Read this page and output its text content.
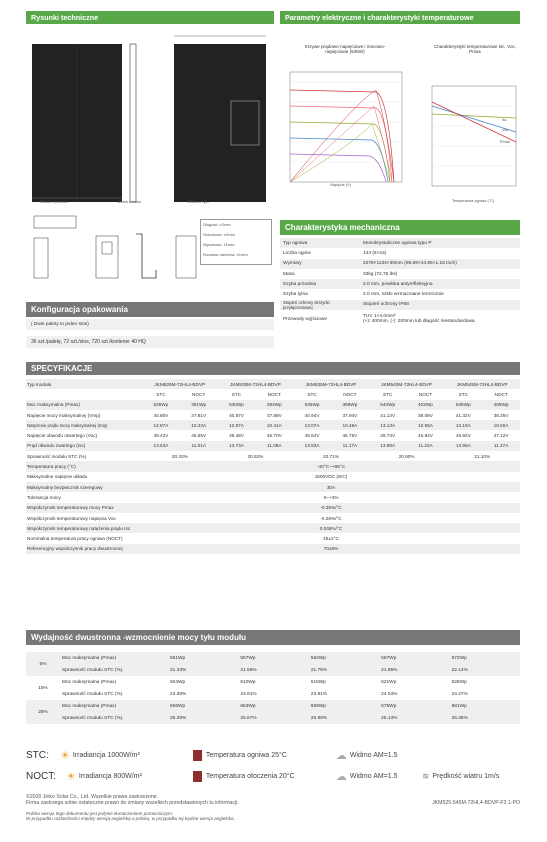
Rysunki techniczne	Parametry elektryczne i charakterystyki temperaturowe
Widok z przodu	Widok z boku	Widok z tyłu
Długość: ±2mm
Szerokość: ±2mm
Wysokość: ±1mm
Rozstaw otworów: ±1mm
Krzywe prądowo-napięciowe i mocowo-napięciowe (535W)
Napięcie (V)
Charakterystyki temperaturowe Isc, Voc, Pmax
Isc
Voc
Pmax
Temperatura ogniwa (°C)
Charakterystyka mechaniczna
Typ ogniwa	Monokrystaliczne ogniwa typu P
Liczba ogniw	144 (6×24)
Wymiary	2278×1134×30mm (89.69×44.65×1.18 Inch)
Masa	33kg (72.75 lbs)
Szyba przednia	2.0 mm, powłoka antyrefleksyjna
Szyba tylna	2.0 mm, szkło wzmacniane termicznie
Stopień ochrony skrzynki przyłączeniowej	Stopień ochrony IP68
Przewody wyjściowe	TUV 1×4.0mm²
(+): 400mm, (-): 200mm lub długość niestandardowa
Konfiguracja opakowania
( Dwie palety to jeden stos)
36 szt./paletę, 72 szt./stos, 720 szt./kontener 40 HQ
SPECYFIKACJE
Typ modułu	JKM525M-72HL4-BDVP		JKM530M-72HL4-BDVP		JKM535M-72HL4-BDVP		JKM540M-72HL4-BDVP		JKM545M-72HL4-BDVP	
	STC	NOCT	STC	NOCT	STC	NOCT	STC	NOCT	STC	NOCT
Moc maksymalna (Pmax)	525Wp	391Wp	530Wp	394Wp	535Wp	398Wp	540Wp	402Wp	545Wp	405Wp
Napięcie mocy maksymalnej (Vmp)	40.80V	37.81V	40.87V	37.88V	40.94V	37.94V	41.13V	38.08V	41.32V	38.25V
Natężenie prądu mocy maksymalnej (Imp)	12.87A	10.33A	12.97A	10.41A	13.07A	10.49A	13.13A	10.55A	13.19A	10.60A
Napięcie obwodu otwartego (Voc)	49.42V	46.65V	49.48V	46.70V	49.54V	46.76V	49.73V	46.94V	49.92V	47.12V
Prąd obwodu zwartego (Isc)	13.63A	11.01A	13.73A	11.09A	13.83A	11.17A	13.89A	11.22A	13.95A	11.27A
Sprawność modułu STC (%)	20.32%		20.52%		20.71%		20.90%		21.10%	
Temperatura pracy (°C)	-40°C~+85°C									
Maksymalne napięcie układu	1500VDC (IEC)									
Maksymalny bezpiecznik szeregowy	30A									
Tolerancja mocy	0~+3%									
Współczynnik temperaturowy mocy Pmax	-0.35%/°C									
Współczynnik temperaturowy napięcia Voc	-0.28%/°C									
Współczynnik temperaturowy natężenia prądu Isc	0.048%/°C									
Nominalna temperatura pracy ogniwa (NOCT)	45±2°C									
Referencyjny współczynnik pracy dwustronnej	70±5%									
Wydajność dwustronna -wzmocnienie mocy tyłu modułu
5%	Moc maksymalna (Pmax)	551Wp	557Wp	562Wp	567Wp	572Wp
	Sprawność modułu STC (%)	21.33%	21.56%	21.76%	21.95%	22.14%
15%	Moc maksymalna (Pmax)	604Wp	610Wp	615Wp	621Wp	628Wp
	Sprawność modułu STC (%)	23.38%	23.61%	23.81%	24.04%	24.27%
25%	Moc maksymalna (Pmax)	656Wp	663Wp	669Wp	675Wp	681Wp
	Sprawność modułu STC (%)	25.39%	25.67%	25.90%	26.13%	26.36%
STC:	☀ Irradiancja 1000W/m²	Temperatura ogniwa 25°C	☁ Widmo AM=1.5
NOCT: ☀ Irradiancja 800W/m²	Temperatura otoczenia 20°C	☁ Widmo AM=1.5	≋ Prędkość wiatru 1m/s
©2020 Jinko Solar Co., Ltd. Wszelkie prawa zastrzeżone.
Firma zastrzega sobie ostateczne prawo do zmiany wszelkich przedstawionych tu informacji.	JKM525-545M-72HL4-BDVP-F3.1-PO
Polska wersja tego dokumentu jest jedynie tłumaczeniem pomocniczym.
W przypadku rozbieżności między wersją angielską a polską, w przypadku tej będzie wersja angielska.
